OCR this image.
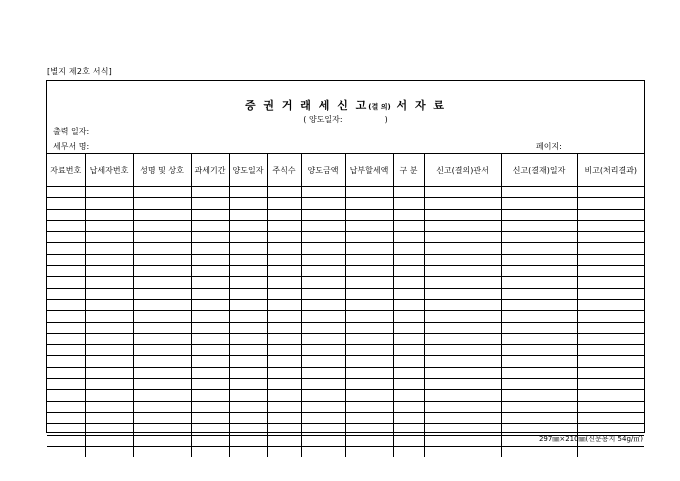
[별지 제2호 서식]
증 권 거 래 세 신 고(결 의) 서 자 료
( 양도일자:	)
출력 일자:
세무서 명:	페이지:
자료번호	납세자번호	성명 및 상호	과세기간	양도일자	주식수	양도금액	납부할세액	구 분	신고(결의)관서	신고(결재)일자	비고(처리결과)

297㎜×210㎜(신문용지 54g/㎡)
